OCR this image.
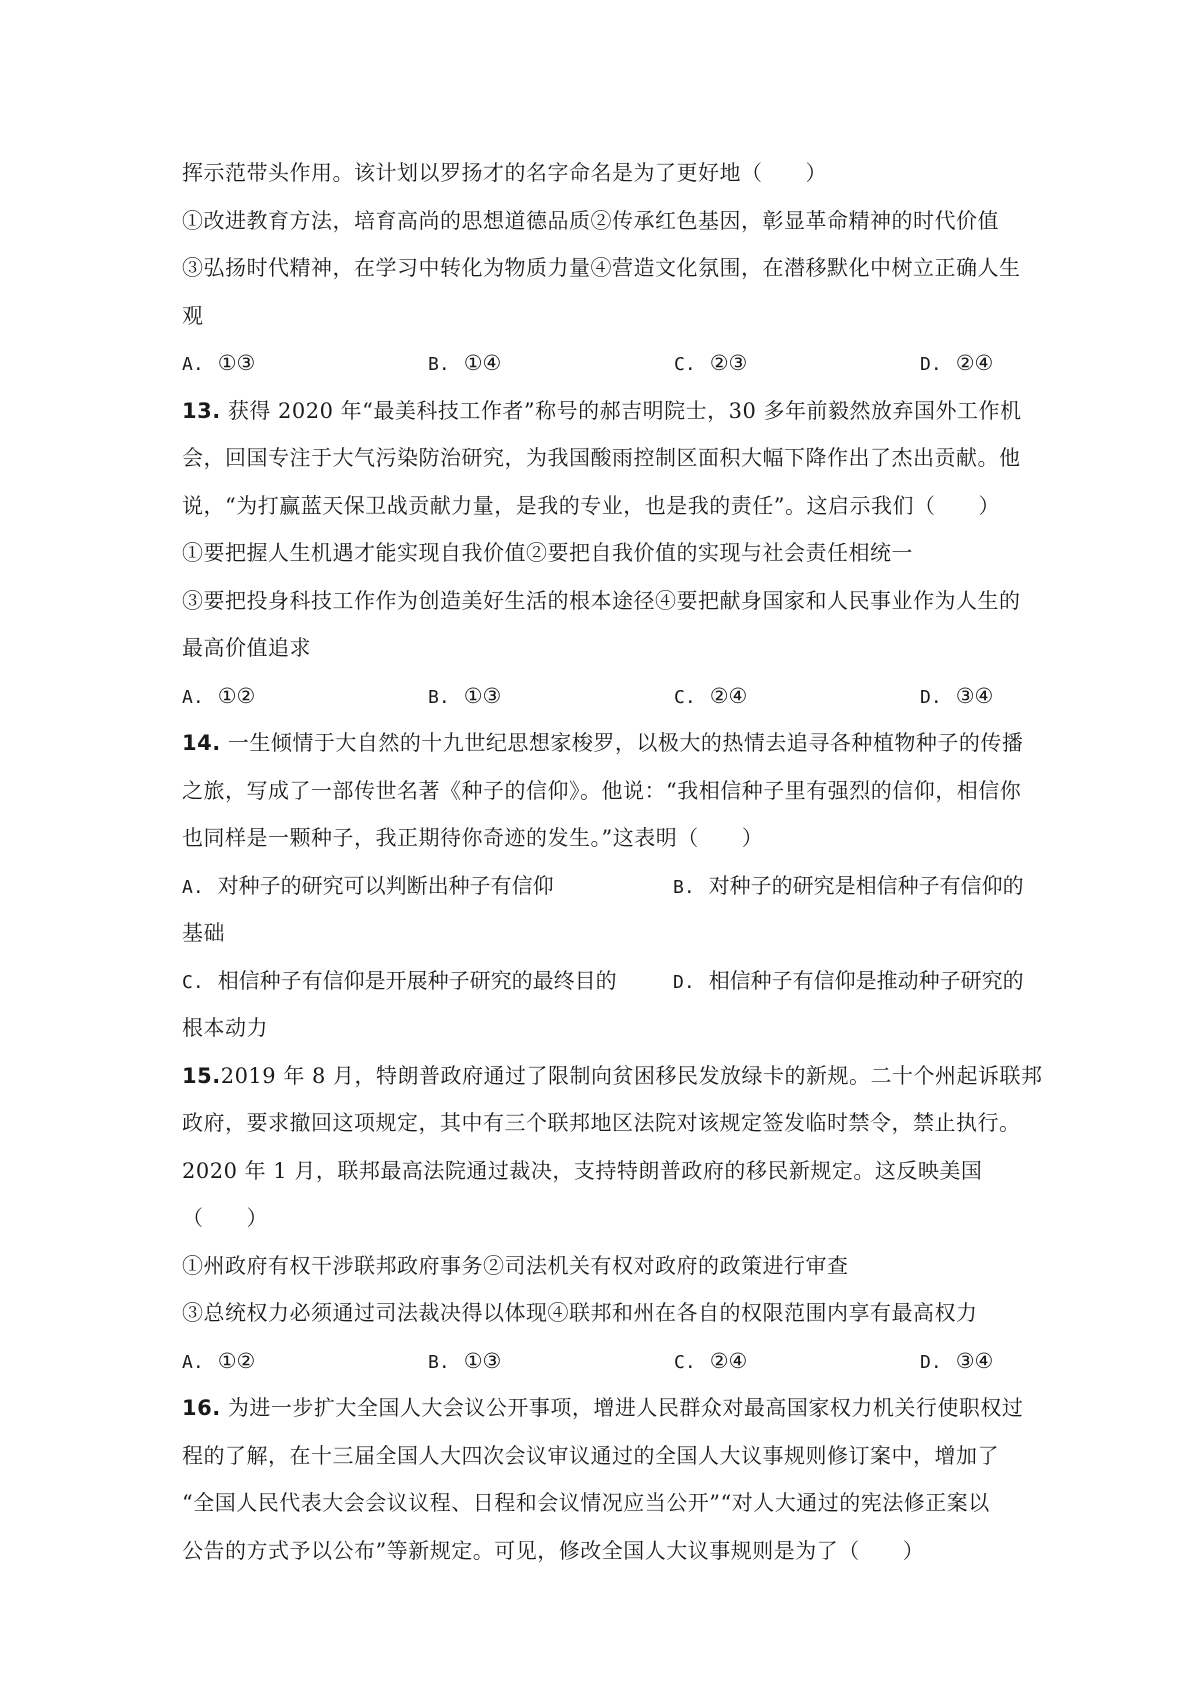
挥示范带头作用。该计划以罗扬才的名字命名是为了更好地（　　）
①改进教育方法，培育高尚的思想道德品质②传承红色基因，彰显革命精神的时代价值
③弘扬时代精神，在学习中转化为物质力量④营造文化氛围，在潜移默化中树立正确人生
观
A. ①③	B. ①④	C. ②③	D. ②④
13. 获得 2020 年“最美科技工作者”称号的郝吉明院士，30 多年前毅然放弃国外工作机
会，回国专注于大气污染防治研究，为我国酸雨控制区面积大幅下降作出了杰出贡献。他
说，“为打赢蓝天保卫战贡献力量，是我的专业，也是我的责任”。这启示我们（　　）
①要把握人生机遇才能实现自我价值②要把自我价值的实现与社会责任相统一
③要把投身科技工作作为创造美好生活的根本途径④要把献身国家和人民事业作为人生的
最高价值追求
A. ①②	B. ①③	C. ②④	D. ③④
14. 一生倾情于大自然的十九世纪思想家梭罗，以极大的热情去追寻各种植物种子的传播
之旅，写成了一部传世名著《种子的信仰》。他说：“我相信种子里有强烈的信仰，相信你
也同样是一颗种子，我正期待你奇迹的发生。”这表明（　　）
A. 对种子的研究可以判断出种子有信仰	B. 对种子的研究是相信种子有信仰的
基础
C. 相信种子有信仰是开展种子研究的最终目的	D. 相信种子有信仰是推动种子研究的
根本动力
15.2019 年 8 月，特朗普政府通过了限制向贫困移民发放绿卡的新规。二十个州起诉联邦
政府，要求撤回这项规定，其中有三个联邦地区法院对该规定签发临时禁令，禁止执行。
2020 年 1 月，联邦最高法院通过裁决，支持特朗普政府的移民新规定。这反映美国
（　　）
①州政府有权干涉联邦政府事务②司法机关有权对政府的政策进行审查
③总统权力必须通过司法裁决得以体现④联邦和州在各自的权限范围内享有最高权力
A. ①②	B. ①③	C. ②④	D. ③④
16. 为进一步扩大全国人大会议公开事项，增进人民群众对最高国家权力机关行使职权过
程的了解，在十三届全国人大四次会议审议通过的全国人大议事规则修订案中，增加了
“全国人民代表大会会议议程、日程和会议情况应当公开”“对人大通过的宪法修正案以
公告的方式予以公布”等新规定。可见，修改全国人大议事规则是为了（　　）
